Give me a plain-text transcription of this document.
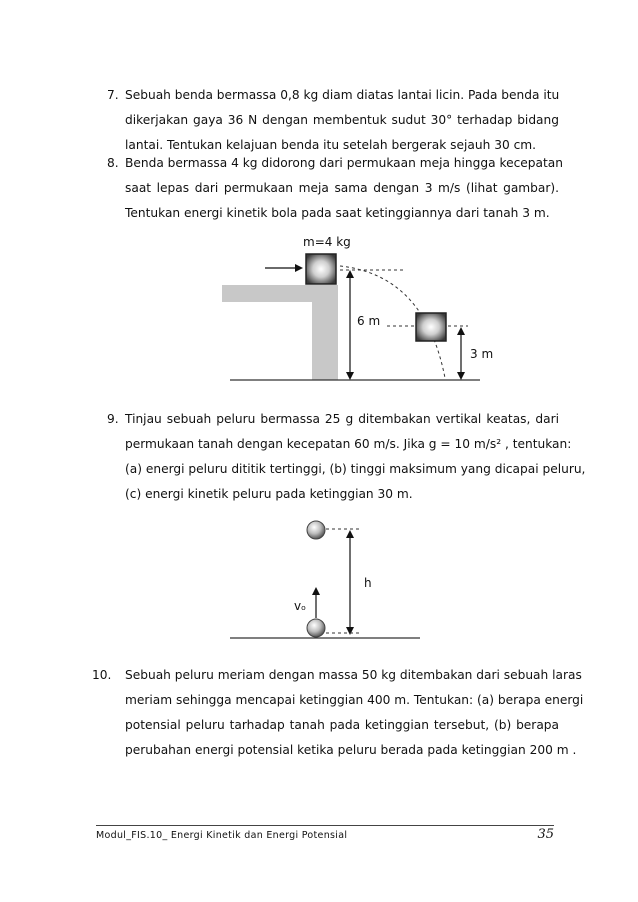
7. Sebuah benda bermassa 0,8 kg diam diatas lantai licin. Pada benda itu
dikerjakan gaya 36 N dengan membentuk sudut 30° terhadap bidang
lantai. Tentukan kelajuan benda itu setelah bergerak sejauh 30 cm.
8. Benda bermassa 4 kg didorong dari permukaan meja hingga kecepatan
saat lepas dari permukaan meja sama dengan 3 m/s (lihat gambar).
Tentukan energi kinetik bola pada saat ketinggiannya dari tanah 3 m.
6 m
3 m
m=4 kg
9. Tinjau sebuah peluru bermassa 25 g ditembakan vertikal keatas, dari
permukaan tanah dengan kecepatan 60 m/s. Jika g = 10 m/s² , tentukan:
(a) energi peluru dititik tertinggi, (b) tinggi maksimum yang dicapai peluru,
(c) energi kinetik peluru pada ketinggian 30 m.
h
vₒ
10.	Sebuah peluru meriam dengan massa 50 kg ditembakan dari sebuah laras
meriam sehingga mencapai ketinggian 400 m. Tentukan: (a) berapa energi
potensial peluru tarhadap tanah pada ketinggian tersebut, (b) berapa
perubahan energi potensial ketika peluru berada pada ketinggian 200 m .
Modul_FIS.10_ Energi Kinetik dan Energi Potensial	35
